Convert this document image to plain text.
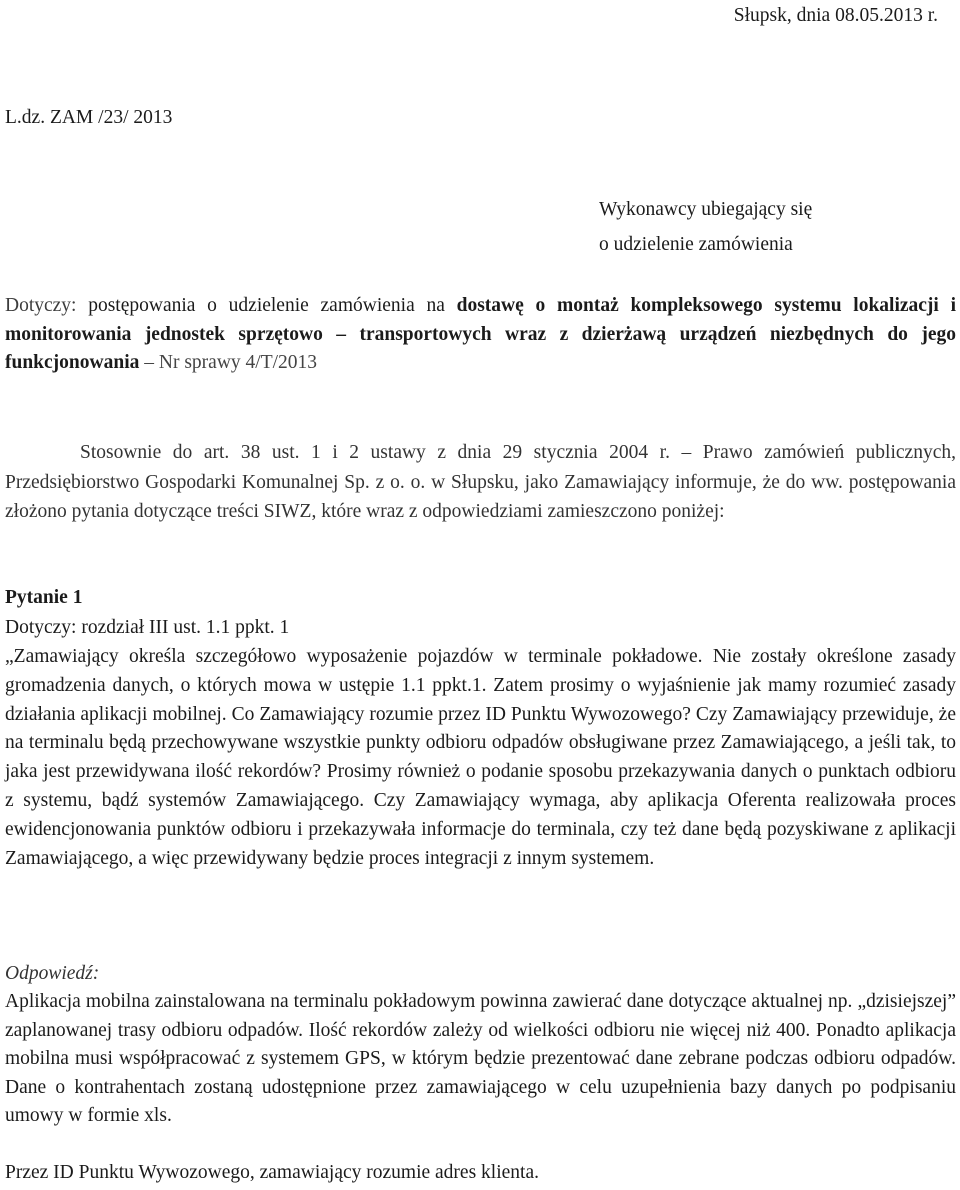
Słupsk, dnia 08.05.2013 r.
L.dz. ZAM /23/ 2013
Wykonawcy ubiegający się
o udzielenie zamówienia
Dotyczy: postępowania o udzielenie zamówienia na dostawę o montaż kompleksowego systemu lokalizacji i monitorowania jednostek sprzętowo – transportowych wraz z dzierżawą urządzeń niezbędnych do jego funkcjonowania – Nr sprawy 4/T/2013
Stosownie do art. 38 ust. 1 i 2 ustawy z dnia 29 stycznia 2004 r. – Prawo zamówień publicznych, Przedsiębiorstwo Gospodarki Komunalnej Sp. z o. o. w Słupsku, jako Zamawiający informuje, że do ww. postępowania złożono pytania dotyczące treści SIWZ, które wraz z odpowiedziami zamieszczono poniżej:
Pytanie 1
Dotyczy: rozdział III ust. 1.1 ppkt. 1
„Zamawiający określa szczegółowo wyposażenie pojazdów w terminale pokładowe. Nie zostały określone zasady gromadzenia danych, o których mowa w ustępie 1.1 ppkt.1. Zatem prosimy o wyjaśnienie jak mamy rozumieć zasady działania aplikacji mobilnej. Co Zamawiający rozumie przez ID Punktu Wywozowego? Czy Zamawiający przewiduje, że na terminalu będą przechowywane wszystkie punkty odbioru odpadów obsługiwane przez Zamawiającego, a jeśli tak, to jaka jest przewidywana ilość rekordów? Prosimy również o podanie sposobu przekazywania danych o punktach odbioru z systemu, bądź systemów Zamawiającego. Czy Zamawiający wymaga, aby aplikacja Oferenta realizowała proces ewidencjonowania punktów odbioru i przekazywała informacje do terminala, czy też dane będą pozyskiwane z aplikacji Zamawiającego, a więc przewidywany będzie proces integracji z innym systemem.
Odpowiedź:
Aplikacja mobilna zainstalowana na terminalu pokładowym powinna zawierać dane dotyczące aktualnej np. „dzisiejszej” zaplanowanej trasy odbioru odpadów. Ilość rekordów zależy od wielkości odbioru nie więcej niż 400. Ponadto aplikacja mobilna musi współpracować z systemem GPS, w którym będzie prezentować dane zebrane podczas odbioru odpadów. Dane o kontrahentach zostaną udostępnione przez zamawiającego w celu uzupełnienia bazy danych po podpisaniu umowy w formie xls.
Przez ID Punktu Wywozowego, zamawiający rozumie adres klienta.
